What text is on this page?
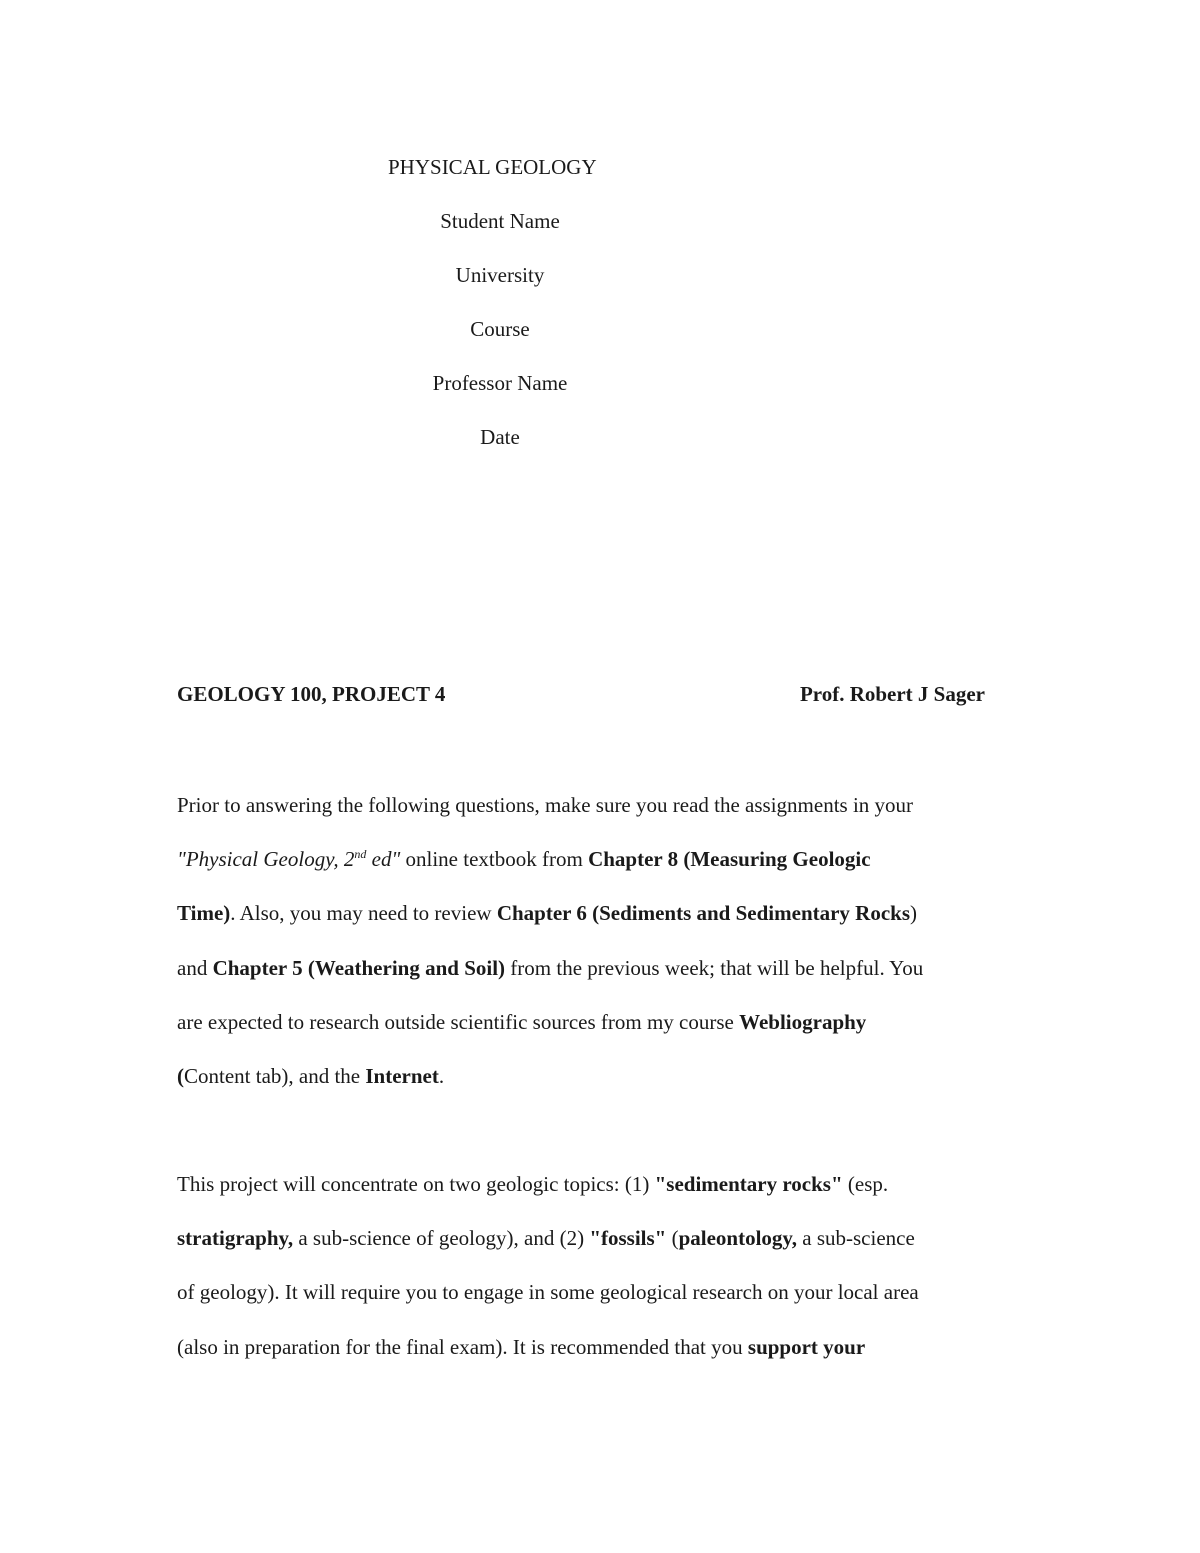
PHYSICAL GEOLOGY
Student Name
University
Course
Professor Name
Date
GEOLOGY 100, PROJECT 4	Prof. Robert J Sager
Prior to answering the following questions, make sure you read the assignments in your
"Physical Geology, 2nd ed" online textbook from Chapter 8 (Measuring Geologic
Time). Also, you may need to review Chapter 6 (Sediments and Sedimentary Rocks)
and Chapter 5 (Weathering and Soil) from the previous week; that will be helpful. You
are expected to research outside scientific sources from my course Webliography
(Content tab), and the Internet.
This project will concentrate on two geologic topics: (1) "sedimentary rocks" (esp.
stratigraphy, a sub-science of geology), and (2) "fossils" (paleontology, a sub-science
of geology). It will require you to engage in some geological research on your local area
(also in preparation for the final exam). It is recommended that you support your
